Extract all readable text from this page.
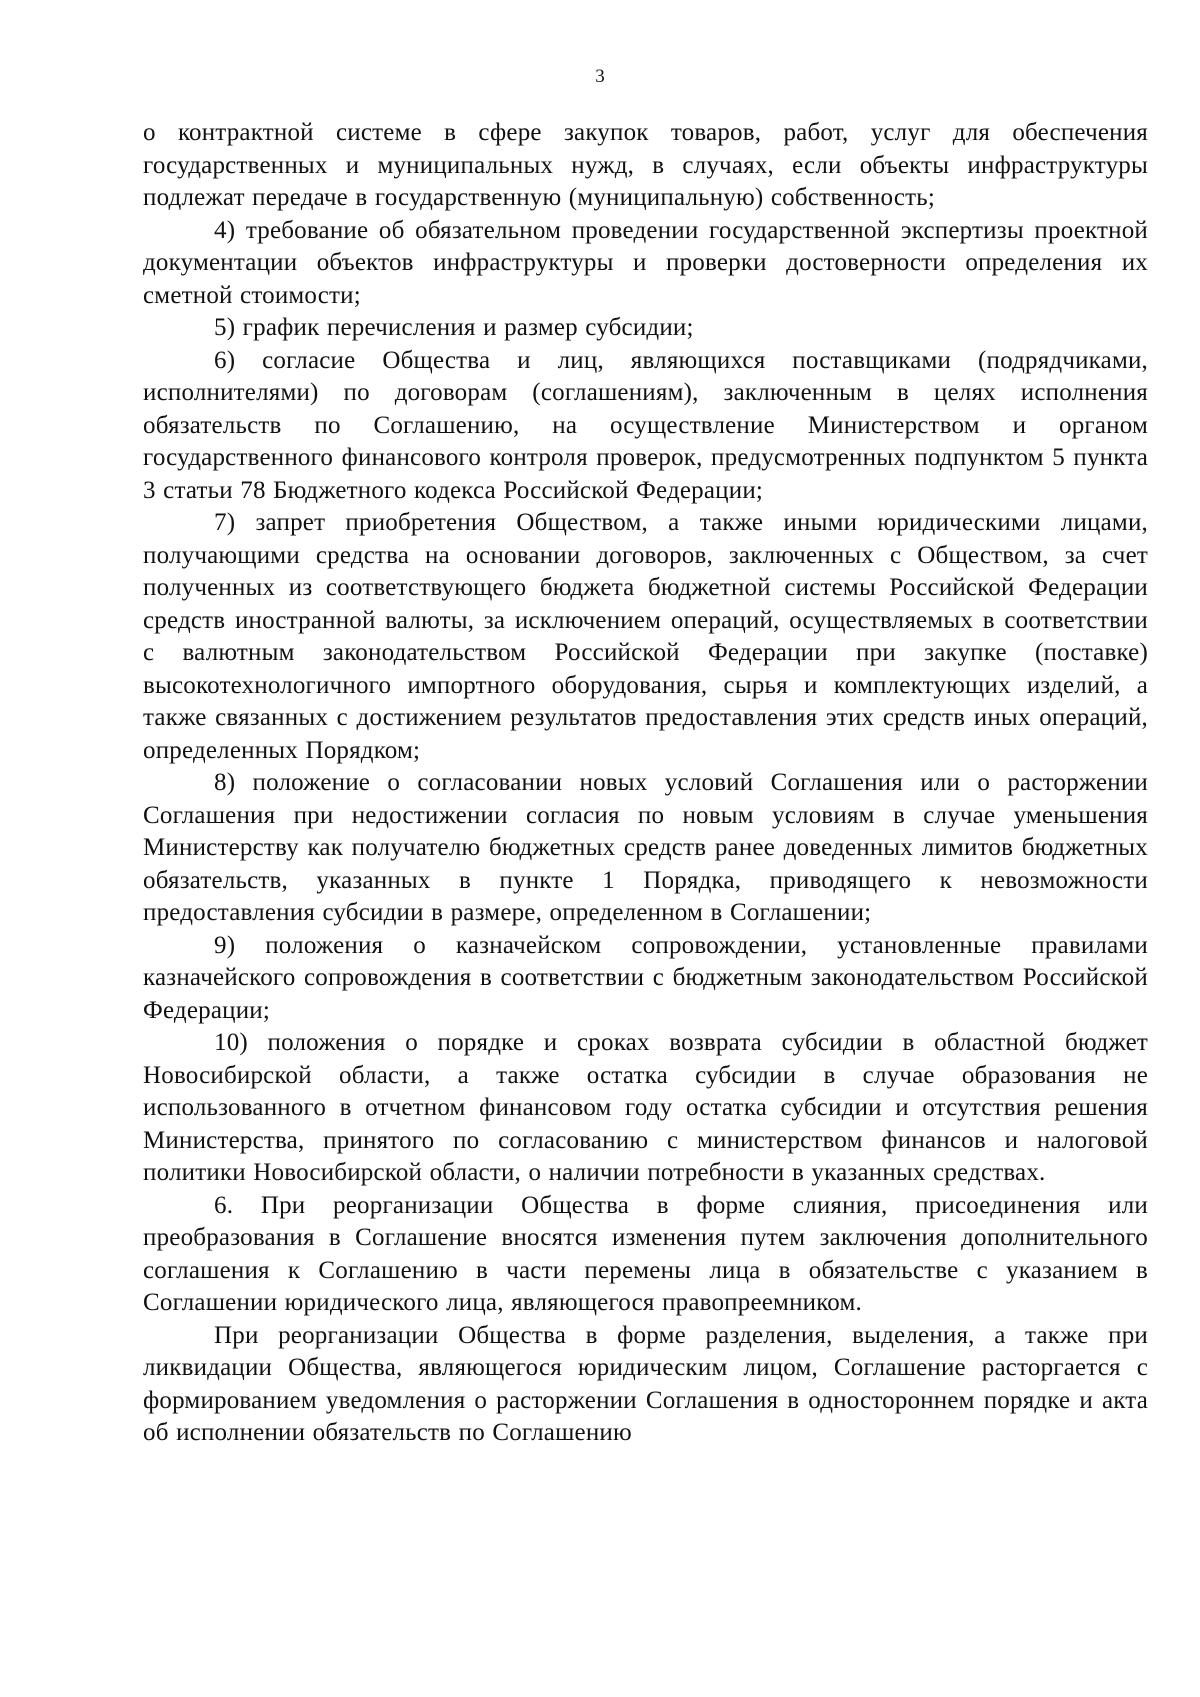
3

о контрактной системе в сфере закупок товаров, работ, услуг для обеспечения государственных и муниципальных нужд, в случаях, если объекты инфраструктуры подлежат передаче в государственную (муниципальную) собственность;

4) требование об обязательном проведении государственной экспертизы проектной документации объектов инфраструктуры и проверки достоверности определения их сметной стоимости;

5) график перечисления и размер субсидии;

6) согласие Общества и лиц, являющихся поставщиками (подрядчиками, исполнителями) по договорам (соглашениям), заключенным в целях исполнения обязательств по Соглашению, на осуществление Министерством и органом государственного финансового контроля проверок, предусмотренных подпунктом 5 пункта 3 статьи 78 Бюджетного кодекса Российской Федерации;

7) запрет приобретения Обществом, а также иными юридическими лицами, получающими средства на основании договоров, заключенных с Обществом, за счет полученных из соответствующего бюджета бюджетной системы Российской Федерации средств иностранной валюты, за исключением операций, осуществляемых в соответствии с валютным законодательством Российской Федерации при закупке (поставке) высокотехнологичного импортного оборудования, сырья и комплектующих изделий, а также связанных с достижением результатов предоставления этих средств иных операций, определенных Порядком;

8) положение о согласовании новых условий Соглашения или о расторжении Соглашения при недостижении согласия по новым условиям в случае уменьшения Министерству как получателю бюджетных средств ранее доведенных лимитов бюджетных обязательств, указанных в пункте 1 Порядка, приводящего к невозможности предоставления субсидии в размере, определенном в Соглашении;

9) положения о казначейском сопровождении, установленные правилами казначейского сопровождения в соответствии с бюджетным законодательством Российской Федерации;

10) положения о порядке и сроках возврата субсидии в областной бюджет Новосибирской области, а также остатка субсидии в случае образования не использованного в отчетном финансовом году остатка субсидии и отсутствия решения Министерства, принятого по согласованию с министерством финансов и налоговой политики Новосибирской области, о наличии потребности в указанных средствах.

6. При реорганизации Общества в форме слияния, присоединения или преобразования в Соглашение вносятся изменения путем заключения дополнительного соглашения к Соглашению в части перемены лица в обязательстве с указанием в Соглашении юридического лица, являющегося правопреемником.

При реорганизации Общества в форме разделения, выделения, а также при ликвидации Общества, являющегося юридическим лицом, Соглашение расторгается с формированием уведомления о расторжении Соглашения в одностороннем порядке и акта об исполнении обязательств по Соглашению
